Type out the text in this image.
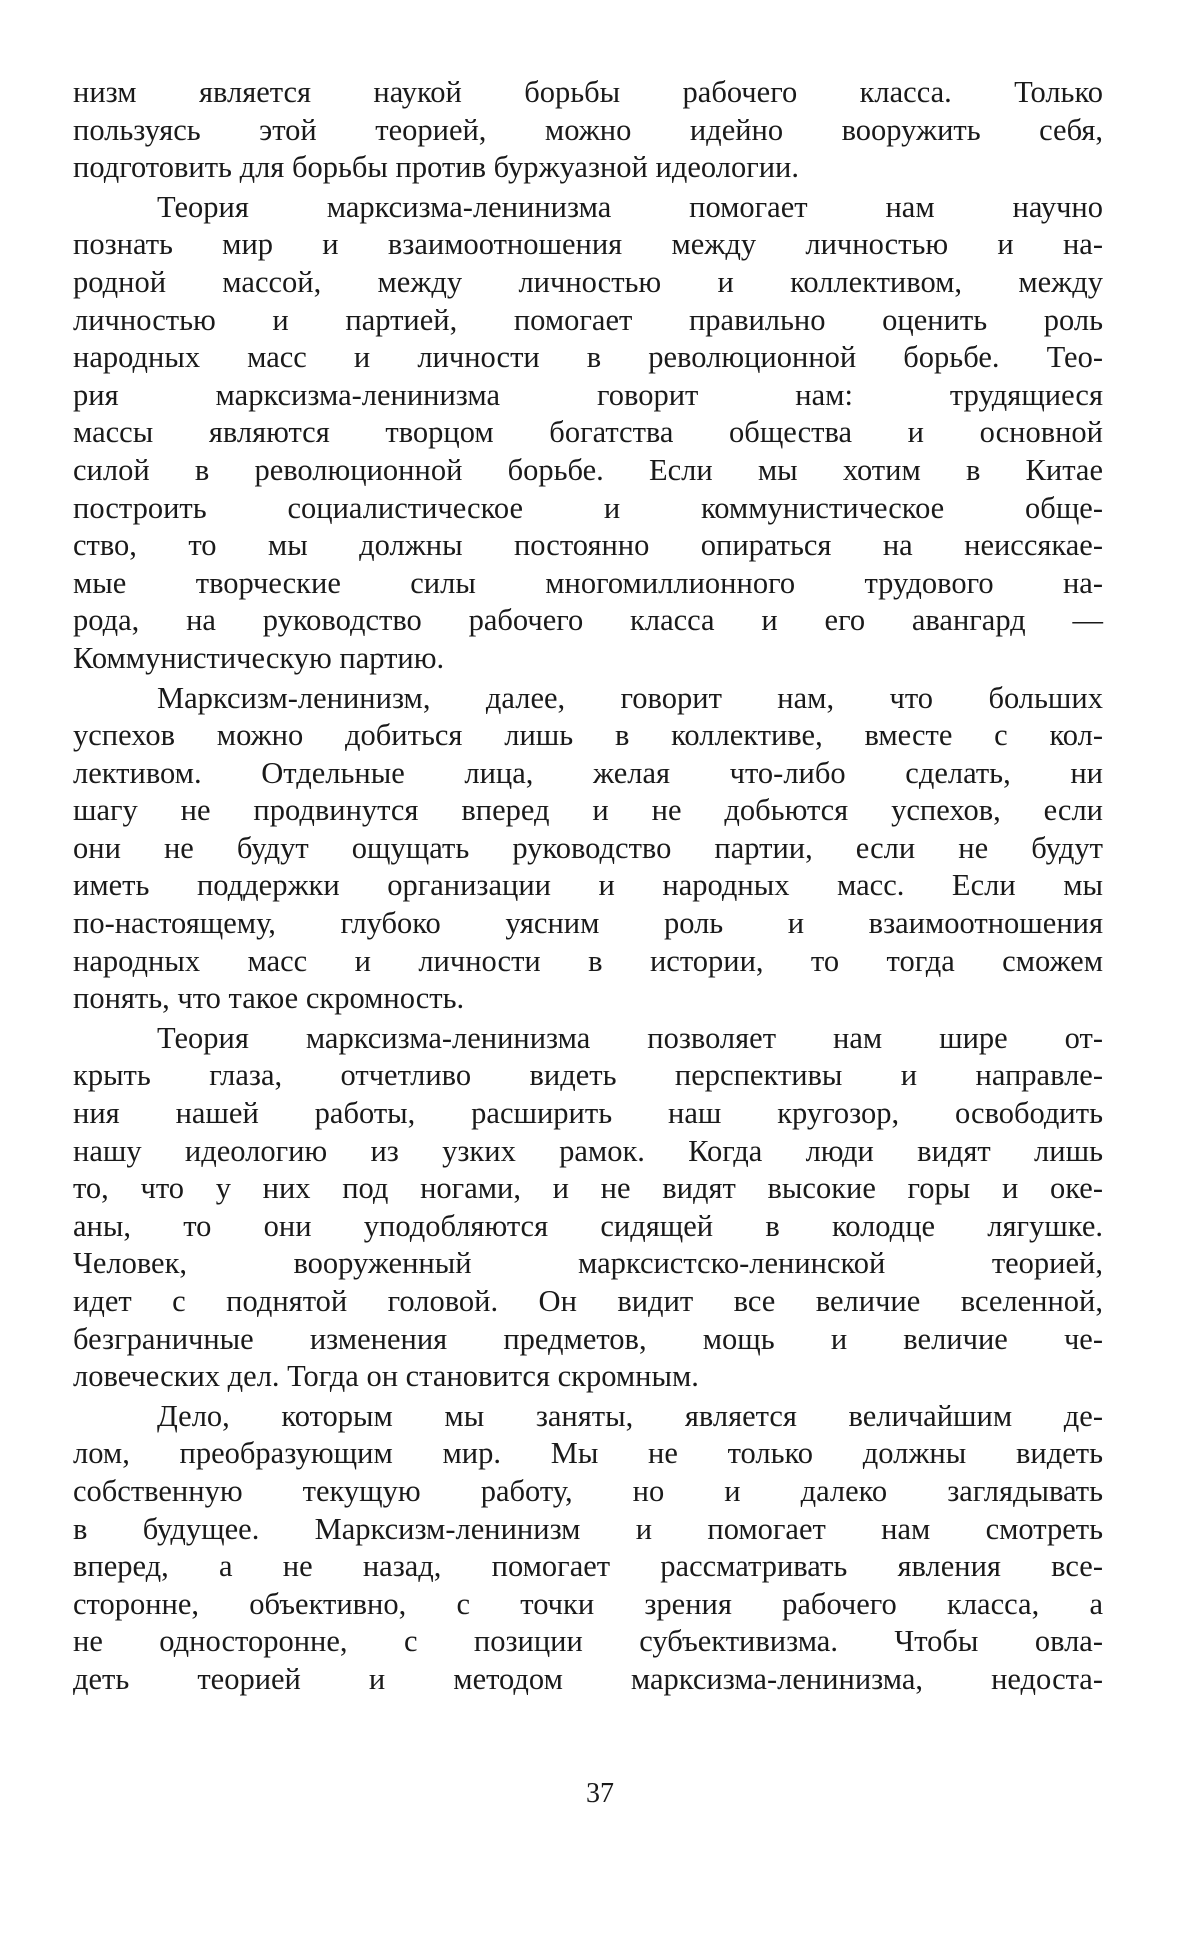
низм является наукой борьбы рабочего класса. Только
пользуясь этой теорией, можно идейно вооружить себя,
подготовить для борьбы против буржуазной идеологии.
Теория марксизма-ленинизма помогает нам научно
познать мир и взаимоотношения между личностью и на-
родной массой, между личностью и коллективом, между
личностью и партией, помогает правильно оценить роль
народных масс и личности в революционной борьбе. Тео-
рия марксизма-ленинизма говорит нам: трудящиеся
массы являются творцом богатства общества и основной
силой в революционной борьбе. Если мы хотим в Китае
построить социалистическое и коммунистическое обще-
ство, то мы должны постоянно опираться на неиссякае-
мые творческие силы многомиллионного трудового на-
рода, на руководство рабочего класса и его авангард —
Коммунистическую партию.
Марксизм-ленинизм, далее, говорит нам, что больших
успехов можно добиться лишь в коллективе, вместе с кол-
лективом. Отдельные лица, желая что-либо сделать, ни
шагу не продвинутся вперед и не добьются успехов, если
они не будут ощущать руководство партии, если не будут
иметь поддержки организации и народных масс. Если мы
по-настоящему, глубоко уясним роль и взаимоотношения
народных масс и личности в истории, то тогда сможем
понять, что такое скромность.
Теория марксизма-ленинизма позволяет нам шире от-
крыть глаза, отчетливо видеть перспективы и направле-
ния нашей работы, расширить наш кругозор, освободить
нашу идеологию из узких рамок. Когда люди видят лишь
то, что у них под ногами, и не видят высокие горы и оке-
аны, то они уподобляются сидящей в колодце лягушке.
Человек, вооруженный марксистско-ленинской теорией,
идет с поднятой головой. Он видит все величие вселенной,
безграничные изменения предметов, мощь и величие че-
ловеческих дел. Тогда он становится скромным.
Дело, которым мы заняты, является величайшим де-
лом, преобразующим мир. Мы не только должны видеть
собственную текущую работу, но и далеко заглядывать
в будущее. Марксизм-ленинизм и помогает нам смотреть
вперед, а не назад, помогает рассматривать явления все-
сторонне, объективно, с точки зрения рабочего класса, а
не односторонне, с позиции субъективизма. Чтобы овла-
деть теорией и методом марксизма-ленинизма, недоста-
37
